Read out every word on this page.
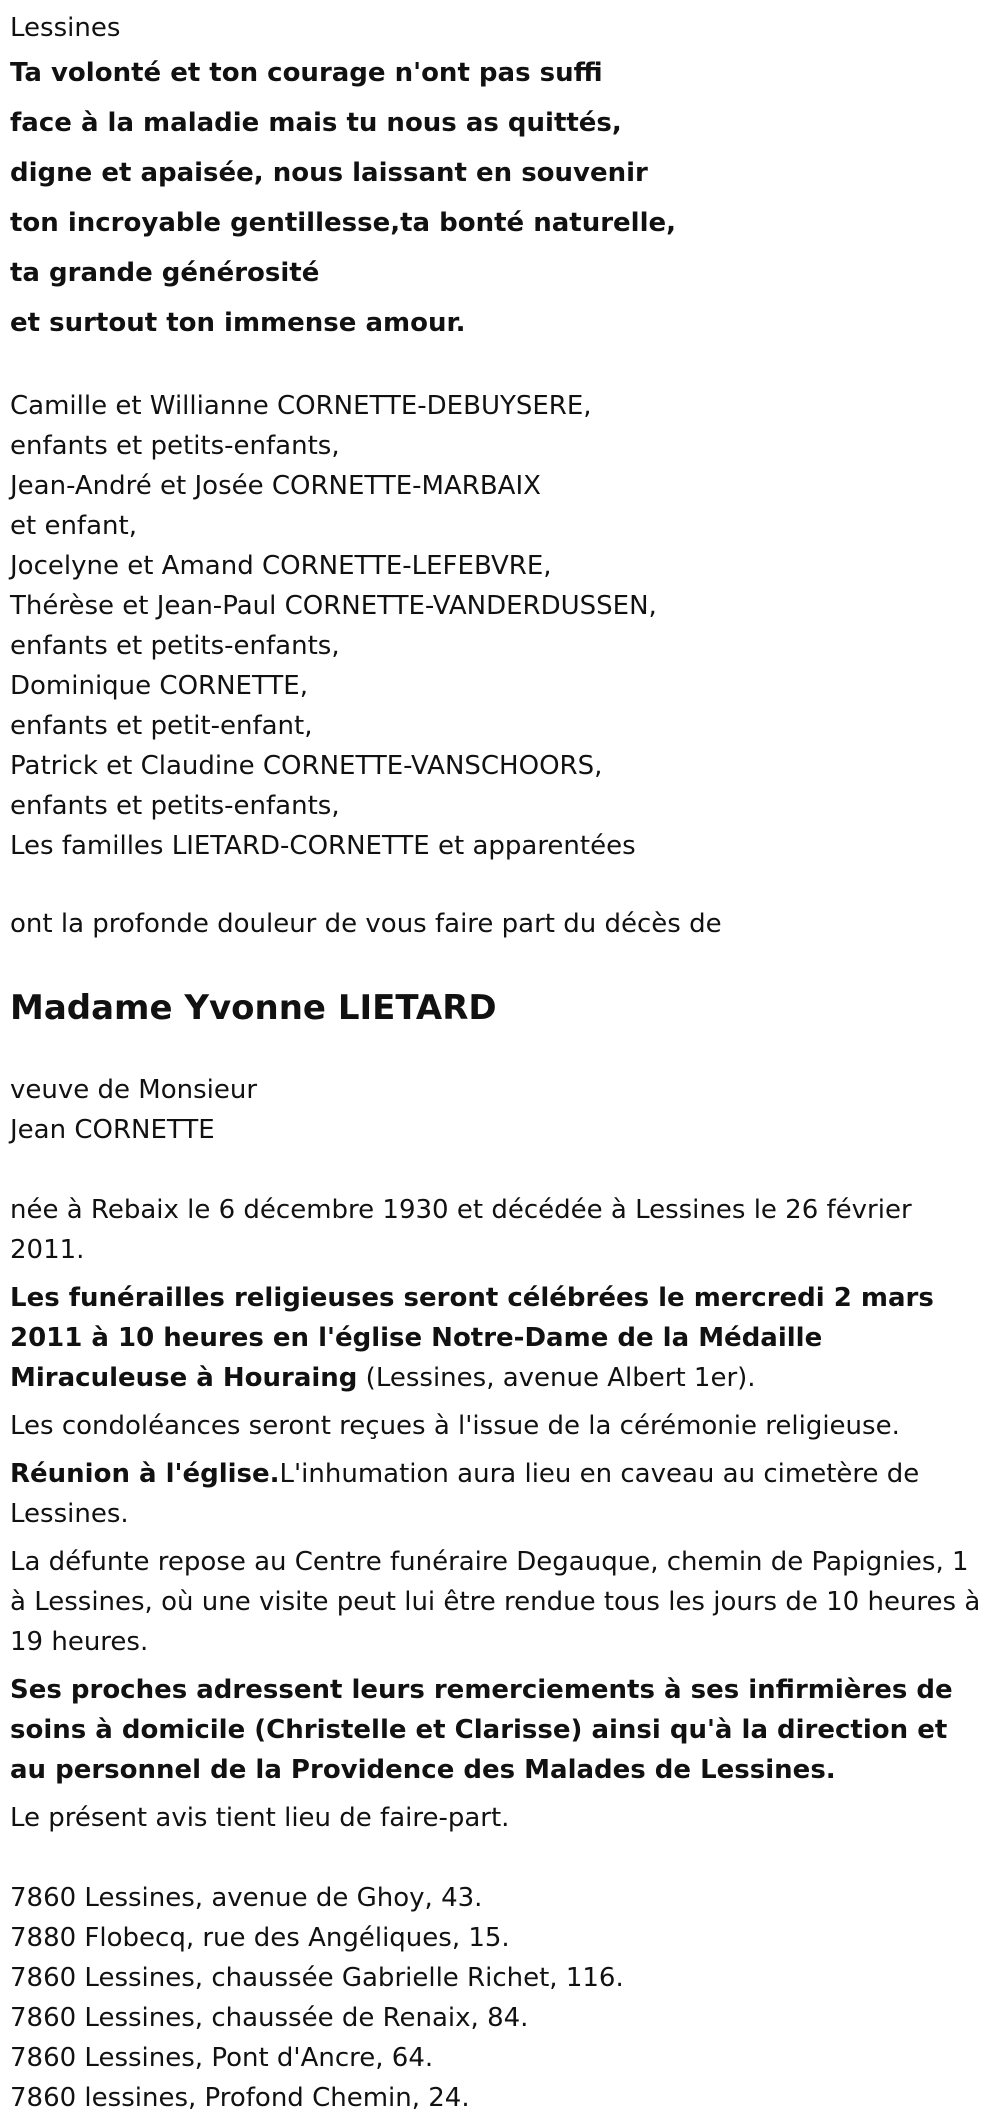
Lessines

Ta volonté et ton courage n'ont pas suffi
face à la maladie mais tu nous as quittés,
digne et apaisée, nous laissant en souvenir
ton incroyable gentillesse,ta bonté naturelle,
ta grande générosité
et surtout ton immense amour.

Camille et Willianne CORNETTE-DEBUYSERE,
enfants et petits-enfants,
Jean-André et Josée CORNETTE-MARBAIX
et enfant,
Jocelyne et Amand CORNETTE-LEFEBVRE,
Thérèse et Jean-Paul CORNETTE-VANDERDUSSEN,
enfants et petits-enfants,
Dominique CORNETTE,
enfants et petit-enfant,
Patrick et Claudine CORNETTE-VANSCHOORS,
enfants et petits-enfants,
Les familles LIETARD-CORNETTE et apparentées

ont la profonde douleur de vous faire part du décès de

Madame Yvonne LIETARD

veuve de Monsieur
Jean CORNETTE

née à Rebaix le 6 décembre 1930 et décédée à Lessines le 26 février 2011.

Les funérailles religieuses seront célébrées le mercredi 2 mars 2011 à 10 heures en l'église Notre-Dame de la Médaille Miraculeuse à Houraing (Lessines, avenue Albert 1er).

Les condoléances seront reçues à l'issue de la cérémonie religieuse.

Réunion à l'église.L'inhumation aura lieu en caveau au cimetère de Lessines.

La défunte repose au Centre funéraire Degauque, chemin de Papignies, 1 à Lessines, où une visite peut lui être rendue tous les jours de 10 heures à 19 heures.

Ses proches adressent leurs remerciements à ses infirmières de soins à domicile (Christelle et Clarisse) ainsi qu'à la direction et au personnel de la Providence des Malades de Lessines.

Le présent avis tient lieu de faire-part.

7860 Lessines, avenue de Ghoy, 43.
7880 Flobecq, rue des Angéliques, 15.
7860 Lessines, chaussée Gabrielle Richet, 116.
7860 Lessines, chaussée de Renaix, 84.
7860 Lessines, Pont d'Ancre, 64.
7860 lessines, Profond Chemin, 24.
